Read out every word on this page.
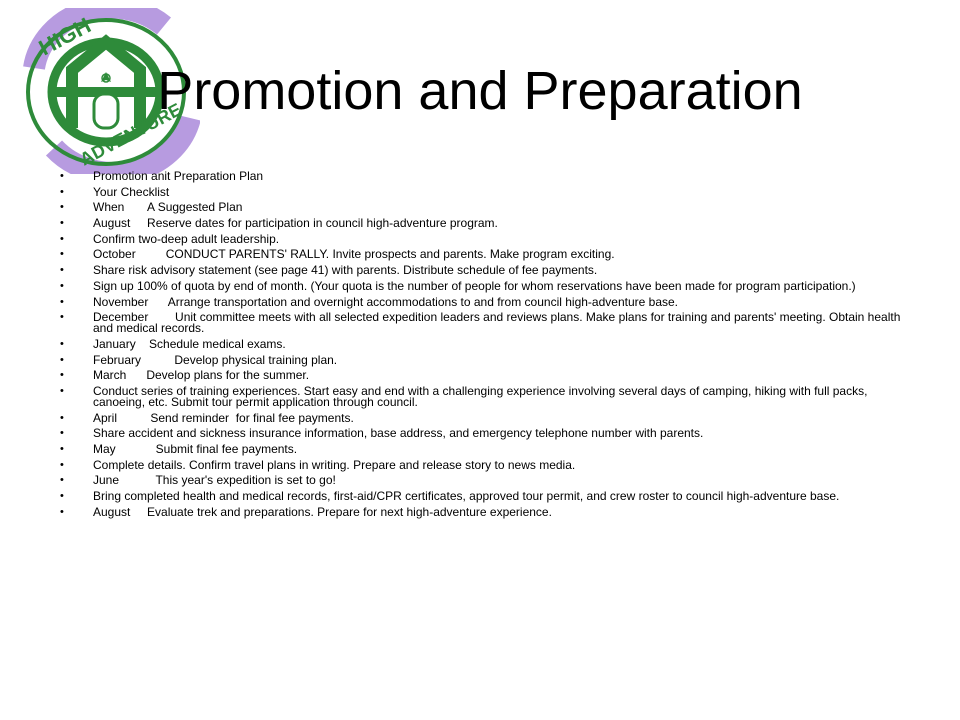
HIGH
ADVENTURE
Promotion and Preparation
• Promotion anit Preparation Plan
• Your Checklist
• When       A Suggested Plan
• August     Reserve dates for participation in council high-adventure program.
• Confirm two-deep adult leadership.
• October         CONDUCT PARENTS' RALLY. Invite prospects and parents. Make program exciting.
• Share risk advisory statement (see page 41) with parents. Distribute schedule of fee payments.
• Sign up 100% of quota by end of month. (Your quota is the number of people for whom reservations have been made for program participation.)
• November      Arrange transportation and overnight accommodations to and from council high-adventure base.
• December        Unit committee meets with all selected expedition leaders and reviews plans. Make plans for training and parents' meeting. Obtain health and medical records.
• January    Schedule medical exams.
• February          Develop physical training plan.
• March      Develop plans for the summer.
• Conduct series of training experiences. Start easy and end with a challenging experience involving several days of camping, hiking with full packs, canoeing, etc. Submit tour permit application through council.
• April          Send reminder  for final fee payments.
• Share accident and sickness insurance information, base address, and emergency telephone number with parents.
• May            Submit final fee payments.
• Complete details. Confirm travel plans in writing. Prepare and release story to news media.
• June           This year's expedition is set to go!
• Bring completed health and medical records, first-aid/CPR certificates, approved tour permit, and crew roster to council high-adventure base.
• August     Evaluate trek and preparations. Prepare for next high-adventure experience.
